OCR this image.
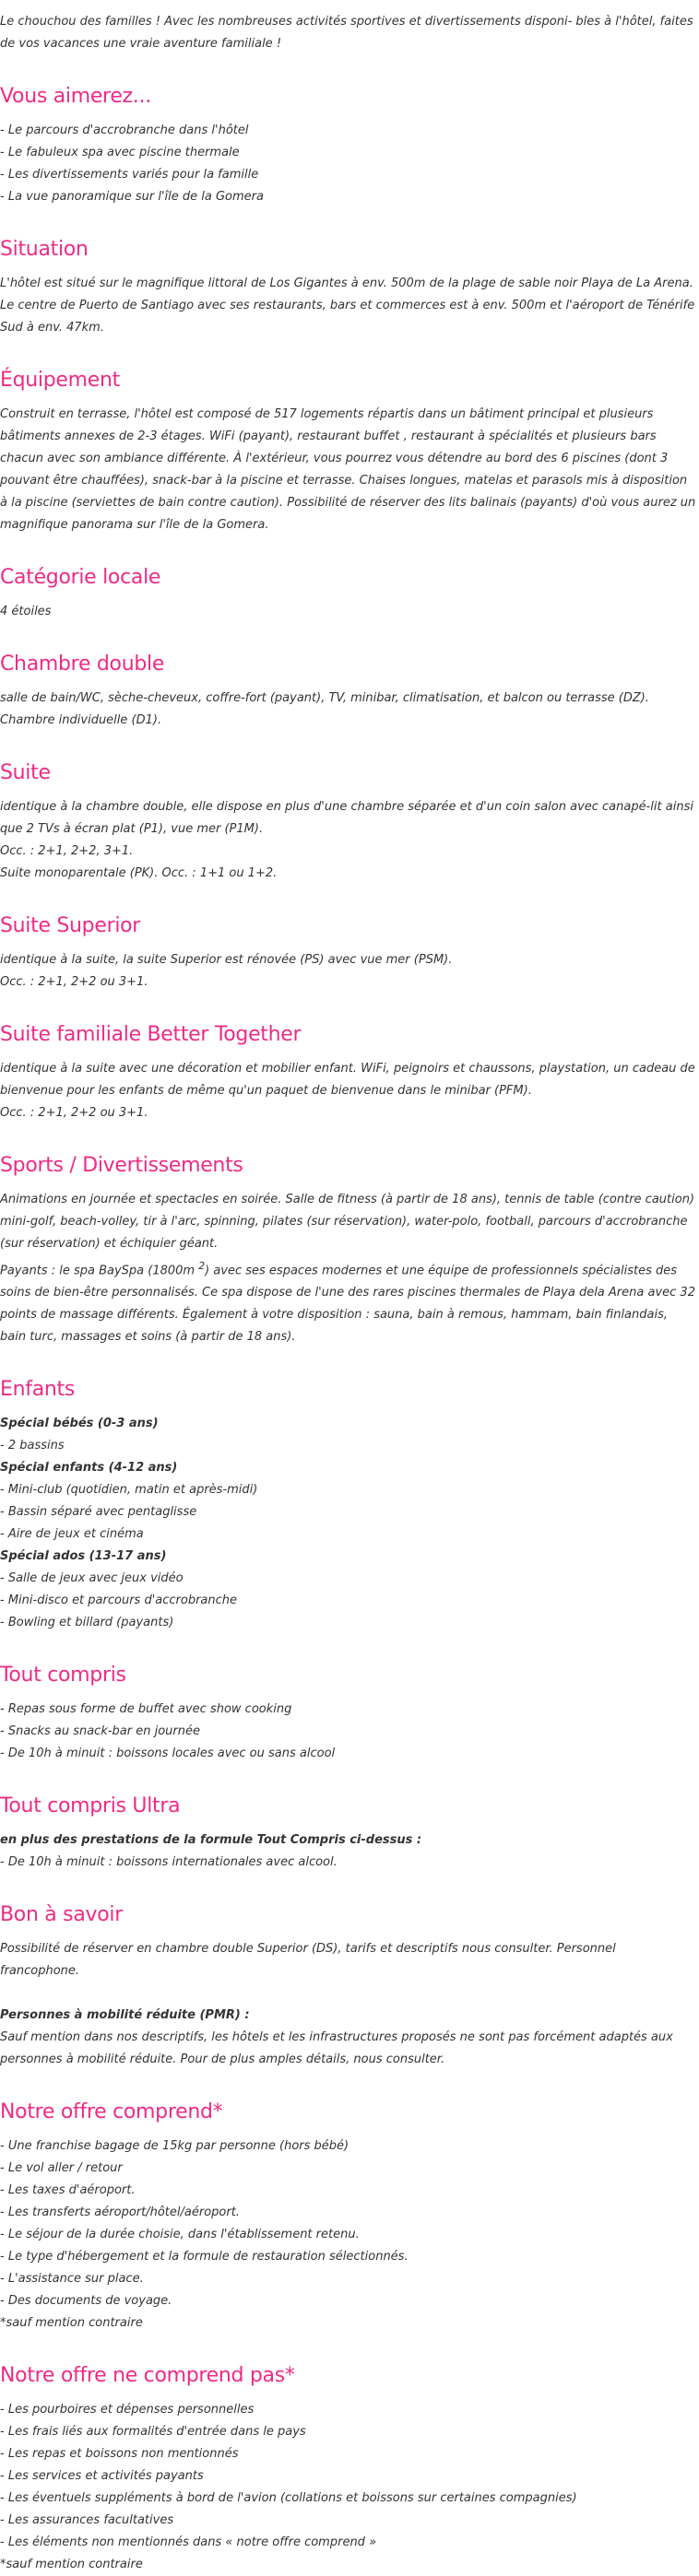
Le chouchou des familles ! Avec les nombreuses activités sportives et divertissements disponi- bles à l'hôtel, faites de vos vacances une vraie aventure familiale !

Vous aimerez...
- Le parcours d'accrobranche dans l'hôtel
- Le fabuleux spa avec piscine thermale
- Les divertissements variés pour la famille
- La vue panoramique sur l'île de la Gomera
Situation

L'hôtel est situé sur le magnifique littoral de Los Gigantes à env. 500m de la plage de sable noir Playa de La Arena. Le centre de Puerto de Santiago avec ses restaurants, bars et commerces est à env. 500m et l'aéroport de Ténérife Sud à env. 47km.

Équipement

Construit en terrasse, l'hôtel est composé de 517 logements répartis dans un bâtiment principal et plusieurs bâtiments annexes de 2-3 étages. WiFi (payant), restaurant buffet , restaurant à spécialités et plusieurs bars chacun avec son ambiance différente. À l'extérieur, vous pourrez vous détendre au bord des 6 piscines (dont 3 pouvant être chauffées), snack-bar à la piscine et terrasse. Chaises longues, matelas et parasols mis à disposition à la piscine (serviettes de bain contre caution). Possibilité de réserver des lits balinais (payants) d'où vous aurez un magnifique panorama sur l'île de la Gomera.

Catégorie locale

4 étoiles

Chambre double

salle de bain/WC, sèche-cheveux, coffre-fort (payant), TV, minibar, climatisation, et balcon ou terrasse (DZ). Chambre individuelle (D1).

Suite

identique à la chambre double, elle dispose en plus d'une chambre séparée et d'un coin salon avec canapé-lit ainsi que 2 TVs à écran plat (P1), vue mer (P1M).

Occ. : 2+1, 2+2, 3+1.
Suite monoparentale (PK). Occ. : 1+1 ou 1+2.
Suite Superior
identique à la suite, la suite Superior est rénovée (PS) avec vue mer (PSM).
Occ. : 2+1, 2+2 ou 3+1.
Suite familiale Better Together

identique à la suite avec une décoration et mobilier enfant. WiFi, peignoirs et chaussons, playstation, un cadeau de bienvenue pour les enfants de même qu'un paquet de bienvenue dans le minibar (PFM).

Occ. : 2+1, 2+2 ou 3+1.
Sports / Divertissements

Animations en journée et spectacles en soirée. Salle de fitness (à partir de 18 ans), tennis de table (contre caution) mini-golf, beach-volley, tir à l'arc, spinning, pilates (sur réservation), water-polo, football, parcours d'accrobranche (sur réservation) et échiquier géant.

Payants : le spa BaySpa (1800m $^2$) avec ses espaces modernes et une équipe de professionnels spécialistes des soins de bien-être personnalisés. Ce spa dispose de l'une des rares piscines thermales de Playa dela Arena avec 32 points de massage différents. Également à votre disposition : sauna, bain à remous, hammam, bain finlandais, bain turc, massages et soins (à partir de 18 ans).

Enfants
Spécial bébés (0-3 ans)
- 2 bassins
Spécial enfants (4-12 ans)
- Mini-club (quotidien, matin et après-midi)
- Bassin séparé avec pentaglisse
- Aire de jeux et cinéma
Spécial ados (13-17 ans)
- Salle de jeux avec jeux vidéo
- Mini-disco et parcours d'accrobranche
- Bowling et billard (payants)
Tout compris
- Repas sous forme de buffet avec show cooking
- Snacks au snack-bar en journée
- De 10h à minuit : boissons locales avec ou sans alcool
Tout compris Ultra
en plus des prestations de la formule Tout Compris ci-dessus :
- De 10h à minuit : boissons internationales avec alcool.
Bon à savoir

Possibilité de réserver en chambre double Superior (DS), tarifs et descriptifs nous consulter. Personnel francophone.

Personnes à mobilité réduite (PMR) :

Sauf mention dans nos descriptifs, les hôtels et les infrastructures proposés ne sont pas forcément adaptés aux personnes à mobilité réduite. Pour de plus amples détails, nous consulter.

Notre offre comprend*
- Une franchise bagage de 15kg par personne (hors bébé)
- Le vol aller / retour
- Les taxes d'aéroport.
- Les transferts aéroport/hôtel/aéroport.
- Le séjour de la durée choisie, dans l'établissement retenu.
- Le type d'hébergement et la formule de restauration sélectionnés.
- L'assistance sur place.
- Des documents de voyage.
*sauf mention contraire
Notre offre ne comprend pas*
- Les pourboires et dépenses personnelles
- Les frais liés aux formalités d'entrée dans le pays
- Les repas et boissons non mentionnés
- Les services et activités payants
- Les éventuels suppléments à bord de l'avion (collations et boissons sur certaines compagnies)
- Les assurances facultatives
- Les éléments non mentionnés dans « notre offre comprend »
*sauf mention contraire
